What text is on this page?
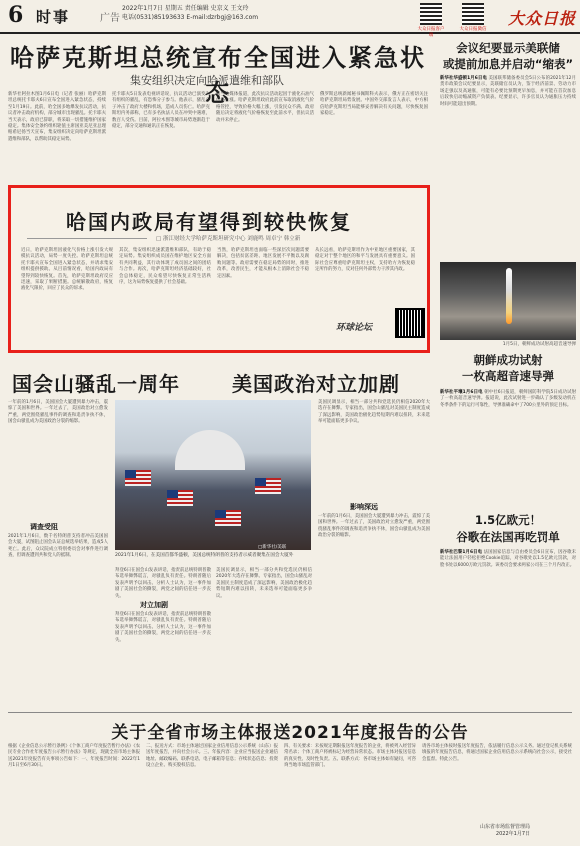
6 时事	广告
2022年1月7日 星期五 责任编辑 史京义 王文玲
电话(0531)85193633 E-mail:dzrbgj@163.com
大众日报客户端
大众日报微信
大众日报
哈萨克斯坦总统宣布全国进入紧急状态
集安组织决定向哈派遣维和部队
新华社阿拉木图1月6日电（记者 张丽）哈萨克斯坦总统托卡耶夫6日宣布全国进入紧急状态，持续至1月19日。此前，哈全国多地爆发抗议活动，抗议者冲击政府机构，部分城市出现骚乱。托卡耶夫当天表示，政府已辞职，将采取一切措施维护国家稳定。集体安全条约组织轮值主席国亚美尼亚总理帕希尼扬当天宣布，集安组织决定向哈萨克斯坦派遣维和部队，以帮助其稳定局势。
托卡耶夫5日发表电视讲话说，抗议活动已演变为有组织的骚乱，有恐怖分子参与。他表示，骚乱分子冲击了政府大楼和机场，造成人员伤亡。哈萨克斯坦内务部称，已有多名执法人员在冲突中遇难，数百人受伤。目前，阿拉木图等城市局势逐渐趋于稳定，部分交通和通讯正在恢复。
据当地媒体报道，此次抗议活动起因于液化石油气价格上涨。哈萨克斯坦政府此前宣布取消液化气价格管控，导致价格大幅上涨，引发民众不满。政府随后决定将液化气价格恢复至此前水平，但抗议活动并未停止。
俄罗斯总统新闻秘书佩斯科夫表示，俄方正在密切关注哈萨克斯坦局势发展。中国外交部发言人表示，中方相信哈萨克斯坦当局能够妥善解决有关问题，尽快恢复国家稳定。
哈国内政局有望得到较快恢复
□ 浙江财经大学哈萨克斯坦研究中心 刘鹿鸣 周卓宁 韩立新
近日，哈萨克斯坦因液化气价格上涨引发大规模抗议活动，局势一度失控。哈萨克斯坦总统托卡耶夫宣布全国进入紧急状态，并请求集安组织提供援助。从目前情况看，哈国内政局有望得到较快恢复。首先，哈萨克斯坦政府反应迅速，采取了果断措施。总统解散政府，恢复液化气限价，回应了民众的诉求。
其次，集安组织迅速派遣维和部队，有助于稳定局势。集安组织成员国在维护地区安全方面有共同利益，其行动体现了成员国之间的团结与合作。再次，哈萨克斯坦经济基础较好，社会总体稳定，民众希望尽快恢复正常生活秩序，这为局势恢复提供了社会基础。
当然，哈萨克斯坦也面临一些深层次问题需要解决，包括贫富差距、地区发展不平衡以及腐败问题等。政府需要在稳定局势的同时，推进改革，改善民生，才能从根本上消除社会不稳定因素。
从长远看，哈萨克斯坦作为中亚地区重要国家，其稳定对于整个地区的和平与发展具有重要意义。国际社会应尊重哈萨克斯坦主权，支持哈方为恢复稳定所作的努力，反对任何外部势力干涉其内政。
环球论坛
会议纪要显示美联储
或提前加息并启动“缩表”
新华社华盛顿1月6日电 美国联邦储备委员会5日公布的2021年12月货币政策会议纪要显示，美联储官员认为，鉴于经济前景、劳动力市场走强以及高通胀，可能有必要比预期更早加息，并可能在首次加息后较快启动缩减资产负债表。纪要显示，许多官员认为通胀压力持续时间可能超出预期。
1月5日，朝鲜成功试射高超音速导弹
朝鲜成功试射
一枚高超音速导弹
新华社平壤1月6日电 朝中社6日报道，朝鲜国防科学院5日成功试射了一枚高超音速导弹。报道说，此次试射进一步确认了多级发动机在冬季条件下的运行可靠性，导弹准确命中了700公里外的预定目标。
1.5亿欧元！
谷歌在法国再吃罚单
新华社巴黎1月6日电 法国国家信息与自由委员会6日宣布，因谷歌未能让法国用户轻松拒绝Cookie追踪，对谷歌处以1.5亿欧元罚款，对脸书处以6000万欧元罚款。该委员会要求两家公司在三个月内改正。
国会山骚乱一周年	美国政治对立加剧
一年前的1月6日，美国国会大厦遭到暴力冲击，震惊了美国和世界。一年过去了，美国政治对立愈发严重，两党围绕骚乱事件的调查和追责争执不休，国会山骚乱成为美国政治分裂的缩影。
调查受阻
2021年1月6日，数千名特朗普支持者冲击美国国会大厦，试图阻止国会认证总统选举结果，造成5人死亡。此后，众议院成立特别委员会对事件进行调查，但调查遭到共和党人的抵制。
□新华社/美联
2021年1月6日，在美国首都华盛顿，美国总统特朗普的支持者示威者聚集在国会大厦外
拜登6日在国会山发表讲话，指责前总统特朗普散布选举舞弊谎言，对骚乱负有责任。特朗普随后发表声明予以回击。分析人士认为，这一事件加剧了美国社会的撕裂，两党之间的信任进一步丧失。
对立加剧
拜登6日在国会山发表讲话，指责前总统特朗普散布选举舞弊谎言，对骚乱负有责任。特朗普随后发表声明予以回击。分析人士认为，这一事件加剧了美国社会的撕裂，两党之间的信任进一步丧失。
美国民调显示，相当一部分共和党选民仍相信2020年大选存在舞弊。专家指出，国会山骚乱对美国民主制度造成了深远影响，美国政治极化趋势短期内难以扭转，未来选举可能面临更多争议。
美国民调显示，相当一部分共和党选民仍相信2020年大选存在舞弊。专家指出，国会山骚乱对美国民主制度造成了深远影响，美国政治极化趋势短期内难以扭转，未来选举可能面临更多争议。
影响深远
一年前的1月6日，美国国会大厦遭到暴力冲击，震惊了美国和世界。一年过去了，美国政治对立愈发严重，两党围绕骚乱事件的调查和追责争执不休，国会山骚乱成为美国政治分裂的缩影。
关于全省市场主体报送2021年度报告的公告
根据《企业信息公示暂行条例》《个体工商户年度报告暂行办法》《农民专业合作社年度报告公示暂行办法》等规定，现就全省市场主体报送2021年度报告有关事项公告如下：一、年度报告时间：2022年1月1日至6月30日。
二、报送方式：市场主体通过国家企业信用信息公示系统（山东）报送年度报告，并向社会公示。三、年报内容：企业应当报送企业通信地址、邮政编码、联系电话、电子邮箱等信息；存续状态信息；投资设立企业、购买股权信息。
四、有关要求：未按规定期限报送年度报告的企业，将被列入经营异常名录；个体工商户将被标记为经营异常状态。市场主体对报送信息的真实性、及时性负责。五、联系方式：各市场主体如有疑问，可咨询当地市场监管部门。
请各市场主体按时报送年度报告，依法履行信息公示义务。通过登记机关系统填报的年度报告信息，将通过国家企业信用信息公示系统向社会公示，接受社会监督。特此公告。
山东省市场监督管理局
2022年1月7日
